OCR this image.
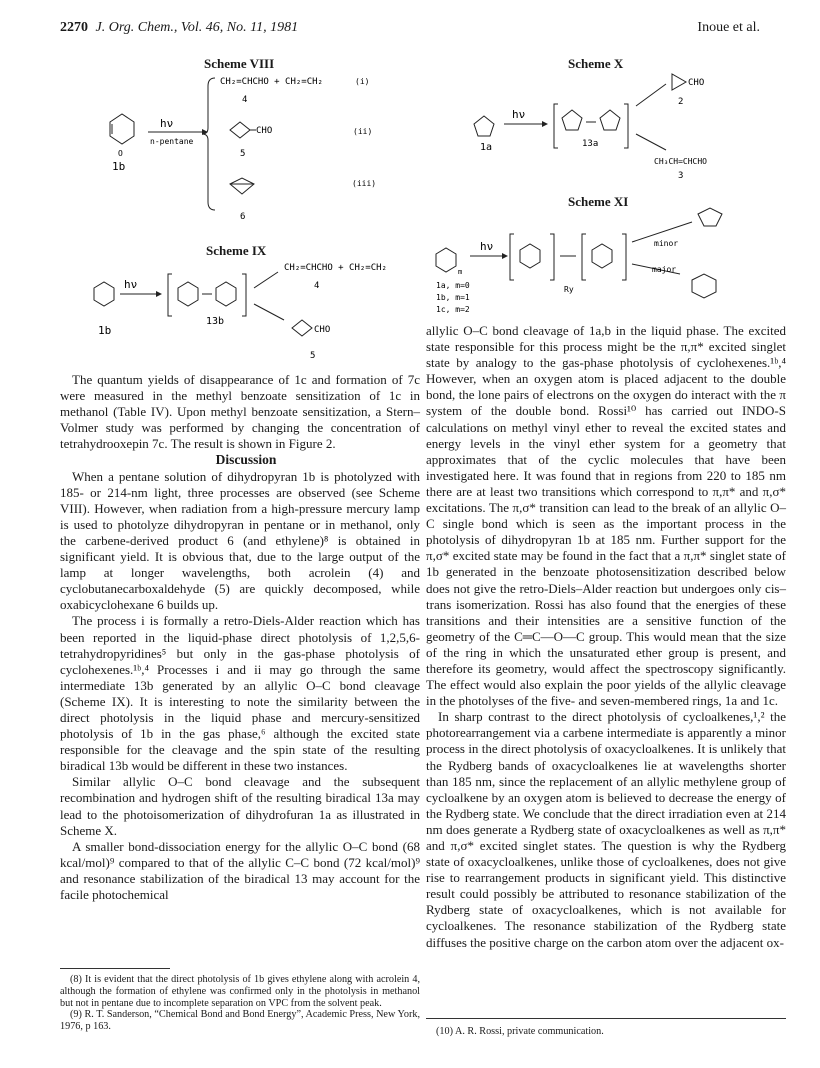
2270 J. Org. Chem., Vol. 46, No. 11, 1981	Inoue et al.
Scheme VIII
O
1b
hν
n-pentane
CH₂=CHCHO + CH₂=CH₂	(i)
4
CHO	(ii)
5
(iii)
6
Scheme IX
1b
hν
13b
CH₂=CHCHO + CH₂=CH₂
4
CHO
5
Scheme X
1a
hν
13a
CHO
2
CH₃CH=CHCHO
3
Scheme XI
m
hν
Ry
1a, m=0
1b, m=1
1c, m=2
minor
major

The quantum yields of disappearance of 1c and formation of 7c were measured in the methyl benzoate sensitization of 1c in methanol (Table IV). Upon methyl benzoate sensitization, a Stern–Volmer study was performed by changing the concentration of tetrahydrooxepin 7c. The result is shown in Figure 2.

Discussion

When a pentane solution of dihydropyran 1b is photolyzed with 185- or 214-nm light, three processes are observed (see Scheme VIII). However, when radiation from a high-pressure mercury lamp is used to photolyze dihydropyran in pentane or in methanol, only the carbene-derived product 6 (and ethylene)⁸ is obtained in significant yield. It is obvious that, due to the large output of the lamp at longer wavelengths, both acrolein (4) and cyclobutanecarboxaldehyde (5) are quickly decomposed, while oxabicyclohexane 6 builds up.

The process i is formally a retro-Diels-Alder reaction which has been reported in the liquid-phase direct photolysis of 1,2,5,6-tetrahydropyridines⁵ but only in the gas-phase photolysis of cyclohexenes.¹ᵇ,⁴ Processes i and ii may go through the same intermediate 13b generated by an allylic O–C bond cleavage (Scheme IX). It is interesting to note the similarity between the direct photolysis in the liquid phase and mercury-sensitized photolysis of 1b in the gas phase,⁶ although the excited state responsible for the cleavage and the spin state of the resulting biradical 13b would be different in these two instances.

Similar allylic O–C bond cleavage and the subsequent recombination and hydrogen shift of the resulting biradical 13a may lead to the photoisomerization of dihydrofuran 1a as illustrated in Scheme X.

A smaller bond-dissociation energy for the allylic O–C bond (68 kcal/mol)⁹ compared to that of the allylic C–C bond (72 kcal/mol)⁹ and resonance stabilization of the biradical 13 may account for the facile photochemical

allylic O–C bond cleavage of 1a,b in the liquid phase. The excited state responsible for this process might be the π,π* excited singlet state by analogy to the gas-phase photolysis of cyclohexenes.¹ᵇ,⁴ However, when an oxygen atom is placed adjacent to the double bond, the lone pairs of electrons on the oxygen do interact with the π system of the double bond. Rossi¹⁰ has carried out INDO-S calculations on methyl vinyl ether to reveal the excited states and energy levels in the vinyl ether system for a geometry that approximates that of the cyclic molecules that have been investigated here. It was found that in regions from 220 to 185 nm there are at least two transitions which correspond to π,π* and π,σ* excitations. The π,σ* transition can lead to the break of an allylic O–C single bond which is seen as the important process in the photolysis of dihydropyran 1b at 185 nm. Further support for the π,σ* excited state may be found in the fact that a π,π* singlet state of 1b generated in the benzoate photosensitization described below does not give the retro-Diels–Alder reaction but undergoes only cis–trans isomerization. Rossi has also found that the energies of these transitions and their intensities are a sensitive function of the geometry of the C═C—O—C group. This would mean that the size of the ring in which the unsaturated ether group is present, and therefore its geometry, would affect the spectroscopy significantly. The effect would also explain the poor yields of the allylic cleavage in the photolyses of the five- and seven-membered rings, 1a and 1c.

In sharp contrast to the direct photolysis of cycloalkenes,¹,² the photorearrangement via a carbene intermediate is apparently a minor process in the direct photolysis of oxacycloalkenes. It is unlikely that the Rydberg bands of oxacycloalkenes lie at wavelengths shorter than 185 nm, since the replacement of an allylic methylene group of cycloalkene by an oxygen atom is believed to decrease the energy of the Rydberg state. We conclude that the direct irradiation even at 214 nm does generate a Rydberg state of oxacycloalkenes as well as π,π* and π,σ* excited singlet states. The question is why the Rydberg state of oxacycloalkenes, unlike those of cycloalkenes, does not give rise to rearrangement products in significant yield. This distinctive result could possibly be attributed to resonance stabilization of the Rydberg state of oxacycloalkenes, which is not available for cycloalkenes. The resonance stabilization of the Rydberg state diffuses the positive charge on the carbon atom over the adjacent ox-

(8) It is evident that the direct photolysis of 1b gives ethylene along with acrolein 4, although the formation of ethylene was confirmed only in the photolysis in methanol but not in pentane due to incomplete separation on VPC from the solvent peak.

(9) R. T. Sanderson, “Chemical Bond and Bond Energy”, Academic Press, New York, 1976, p 163.	(10) A. R. Rossi, private communication.
